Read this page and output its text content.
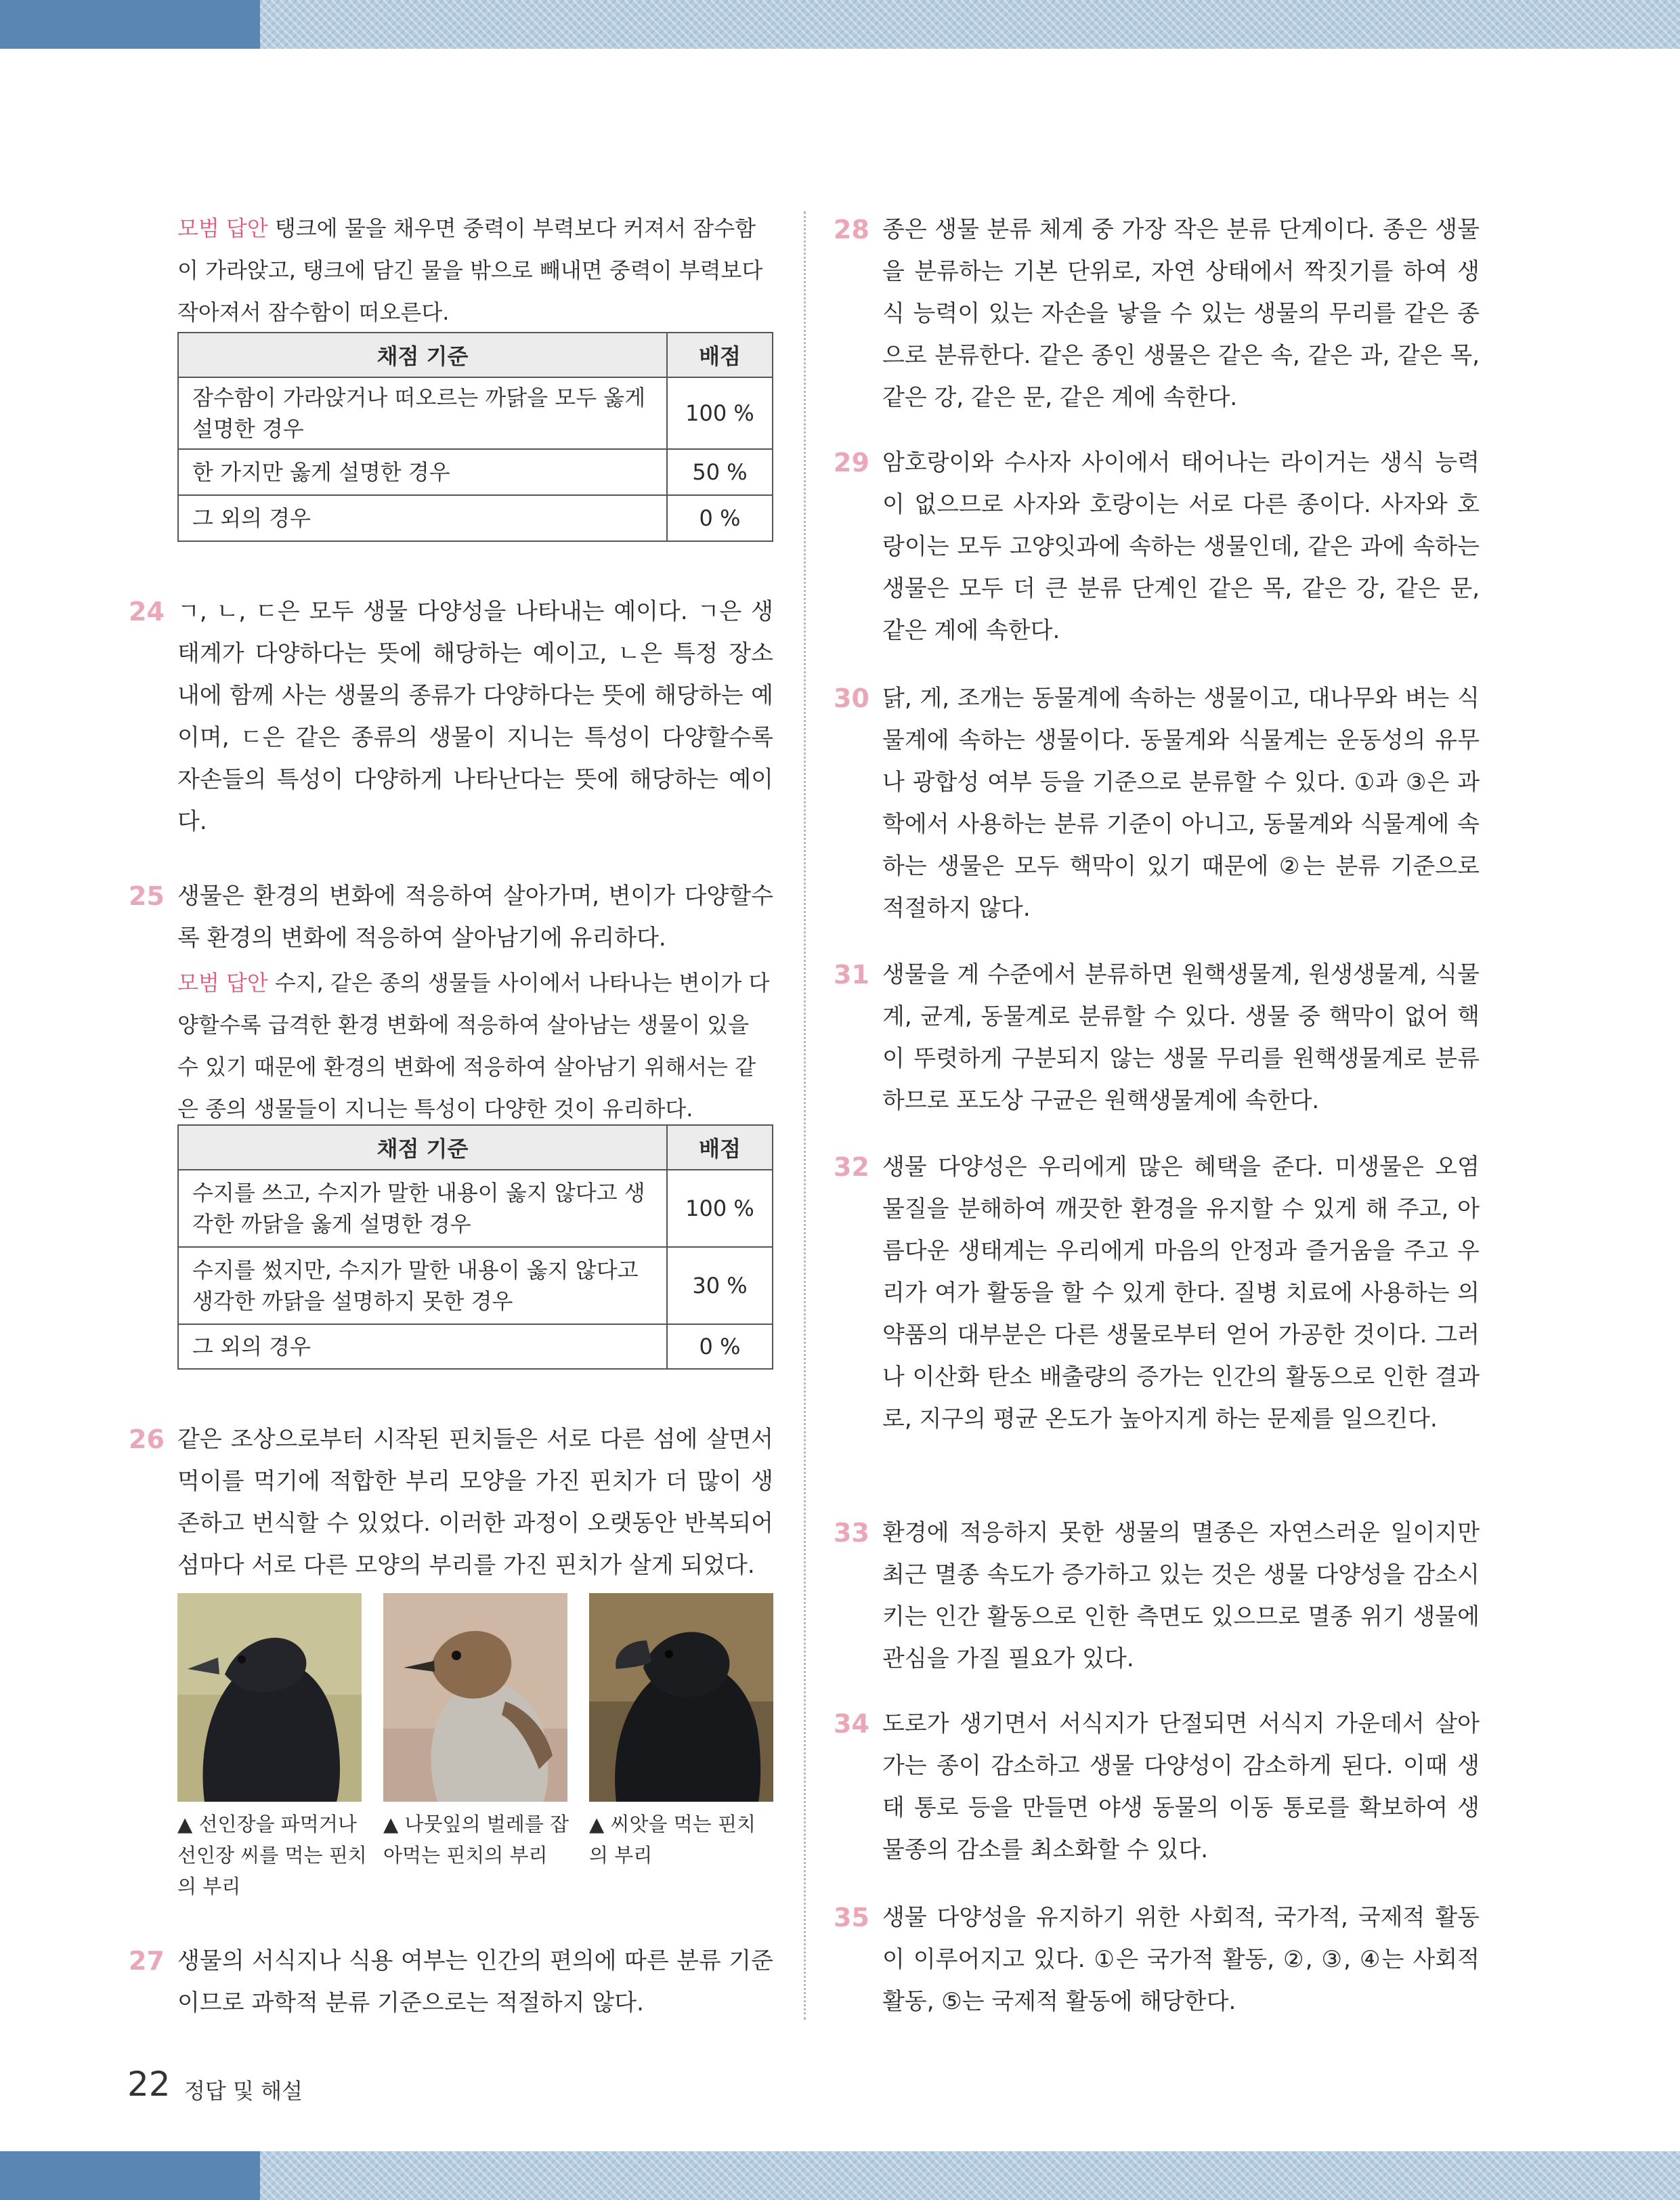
모범 답안 탱크에 물을 채우면 중력이 부력보다 커져서 잠수함이 가라앉고, 탱크에 담긴 물을 밖으로 빼내면 중력이 부력보다 작아져서 잠수함이 떠오른다.
채점 기준	배점
잠수함이 가라앉거나 떠오르는 까닭을 모두 옳게 설명한 경우	100 %
한 가지만 옳게 설명한 경우	50 %
그 외의 경우	0 %
24 ㄱ, ㄴ, ㄷ은 모두 생물 다양성을 나타내는 예이다. ㄱ은 생태계가 다양하다는 뜻에 해당하는 예이고, ㄴ은 특정 장소 내에 함께 사는 생물의 종류가 다양하다는 뜻에 해당하는 예이며, ㄷ은 같은 종류의 생물이 지니는 특성이 다양할수록 자손들의 특성이 다양하게 나타난다는 뜻에 해당하는 예이다.
25 생물은 환경의 변화에 적응하여 살아가며, 변이가 다양할수록 환경의 변화에 적응하여 살아남기에 유리하다.
모범 답안 수지, 같은 종의 생물들 사이에서 나타나는 변이가 다양할수록 급격한 환경 변화에 적응하여 살아남는 생물이 있을 수 있기 때문에 환경의 변화에 적응하여 살아남기 위해서는 같은 종의 생물들이 지니는 특성이 다양한 것이 유리하다.
채점 기준	배점
수지를 쓰고, 수지가 말한 내용이 옳지 않다고 생각한 까닭을 옳게 설명한 경우	100 %
수지를 썼지만, 수지가 말한 내용이 옳지 않다고 생각한 까닭을 설명하지 못한 경우	30 %
그 외의 경우	0 %
26 같은 조상으로부터 시작된 핀치들은 서로 다른 섬에 살면서 먹이를 먹기에 적합한 부리 모양을 가진 핀치가 더 많이 생존하고 번식할 수 있었다. 이러한 과정이 오랫동안 반복되어 섬마다 서로 다른 모양의 부리를 가진 핀치가 살게 되었다.
▲ 선인장을 파먹거나 선인장 씨를 먹는 핀치의 부리
▲ 나뭇잎의 벌레를 잡아먹는 핀치의 부리
▲ 씨앗을 먹는 핀치의 부리
27 생물의 서식지나 식용 여부는 인간의 편의에 따른 분류 기준이므로 과학적 분류 기준으로는 적절하지 않다.
28 종은 생물 분류 체계 중 가장 작은 분류 단계이다. 종은 생물을 분류하는 기본 단위로, 자연 상태에서 짝짓기를 하여 생식 능력이 있는 자손을 낳을 수 있는 생물의 무리를 같은 종으로 분류한다. 같은 종인 생물은 같은 속, 같은 과, 같은 목, 같은 강, 같은 문, 같은 계에 속한다.
29 암호랑이와 수사자 사이에서 태어나는 라이거는 생식 능력이 없으므로 사자와 호랑이는 서로 다른 종이다. 사자와 호랑이는 모두 고양잇과에 속하는 생물인데, 같은 과에 속하는 생물은 모두 더 큰 분류 단계인 같은 목, 같은 강, 같은 문, 같은 계에 속한다.
30 닭, 게, 조개는 동물계에 속하는 생물이고, 대나무와 벼는 식물계에 속하는 생물이다. 동물계와 식물계는 운동성의 유무나 광합성 여부 등을 기준으로 분류할 수 있다. ①과 ③은 과학에서 사용하는 분류 기준이 아니고, 동물계와 식물계에 속하는 생물은 모두 핵막이 있기 때문에 ②는 분류 기준으로 적절하지 않다.
31 생물을 계 수준에서 분류하면 원핵생물계, 원생생물계, 식물계, 균계, 동물계로 분류할 수 있다. 생물 중 핵막이 없어 핵이 뚜렷하게 구분되지 않는 생물 무리를 원핵생물계로 분류하므로 포도상 구균은 원핵생물계에 속한다.
32 생물 다양성은 우리에게 많은 혜택을 준다. 미생물은 오염 물질을 분해하여 깨끗한 환경을 유지할 수 있게 해 주고, 아름다운 생태계는 우리에게 마음의 안정과 즐거움을 주고 우리가 여가 활동을 할 수 있게 한다. 질병 치료에 사용하는 의약품의 대부분은 다른 생물로부터 얻어 가공한 것이다. 그러나 이산화 탄소 배출량의 증가는 인간의 활동으로 인한 결과로, 지구의 평균 온도가 높아지게 하는 문제를 일으킨다.
33 환경에 적응하지 못한 생물의 멸종은 자연스러운 일이지만 최근 멸종 속도가 증가하고 있는 것은 생물 다양성을 감소시키는 인간 활동으로 인한 측면도 있으므로 멸종 위기 생물에 관심을 가질 필요가 있다.
34 도로가 생기면서 서식지가 단절되면 서식지 가운데서 살아가는 종이 감소하고 생물 다양성이 감소하게 된다. 이때 생태 통로 등을 만들면 야생 동물의 이동 통로를 확보하여 생물종의 감소를 최소화할 수 있다.
35 생물 다양성을 유지하기 위한 사회적, 국가적, 국제적 활동이 이루어지고 있다. ①은 국가적 활동, ②, ③, ④는 사회적 활동, ⑤는 국제적 활동에 해당한다.
22 정답 및 해설
